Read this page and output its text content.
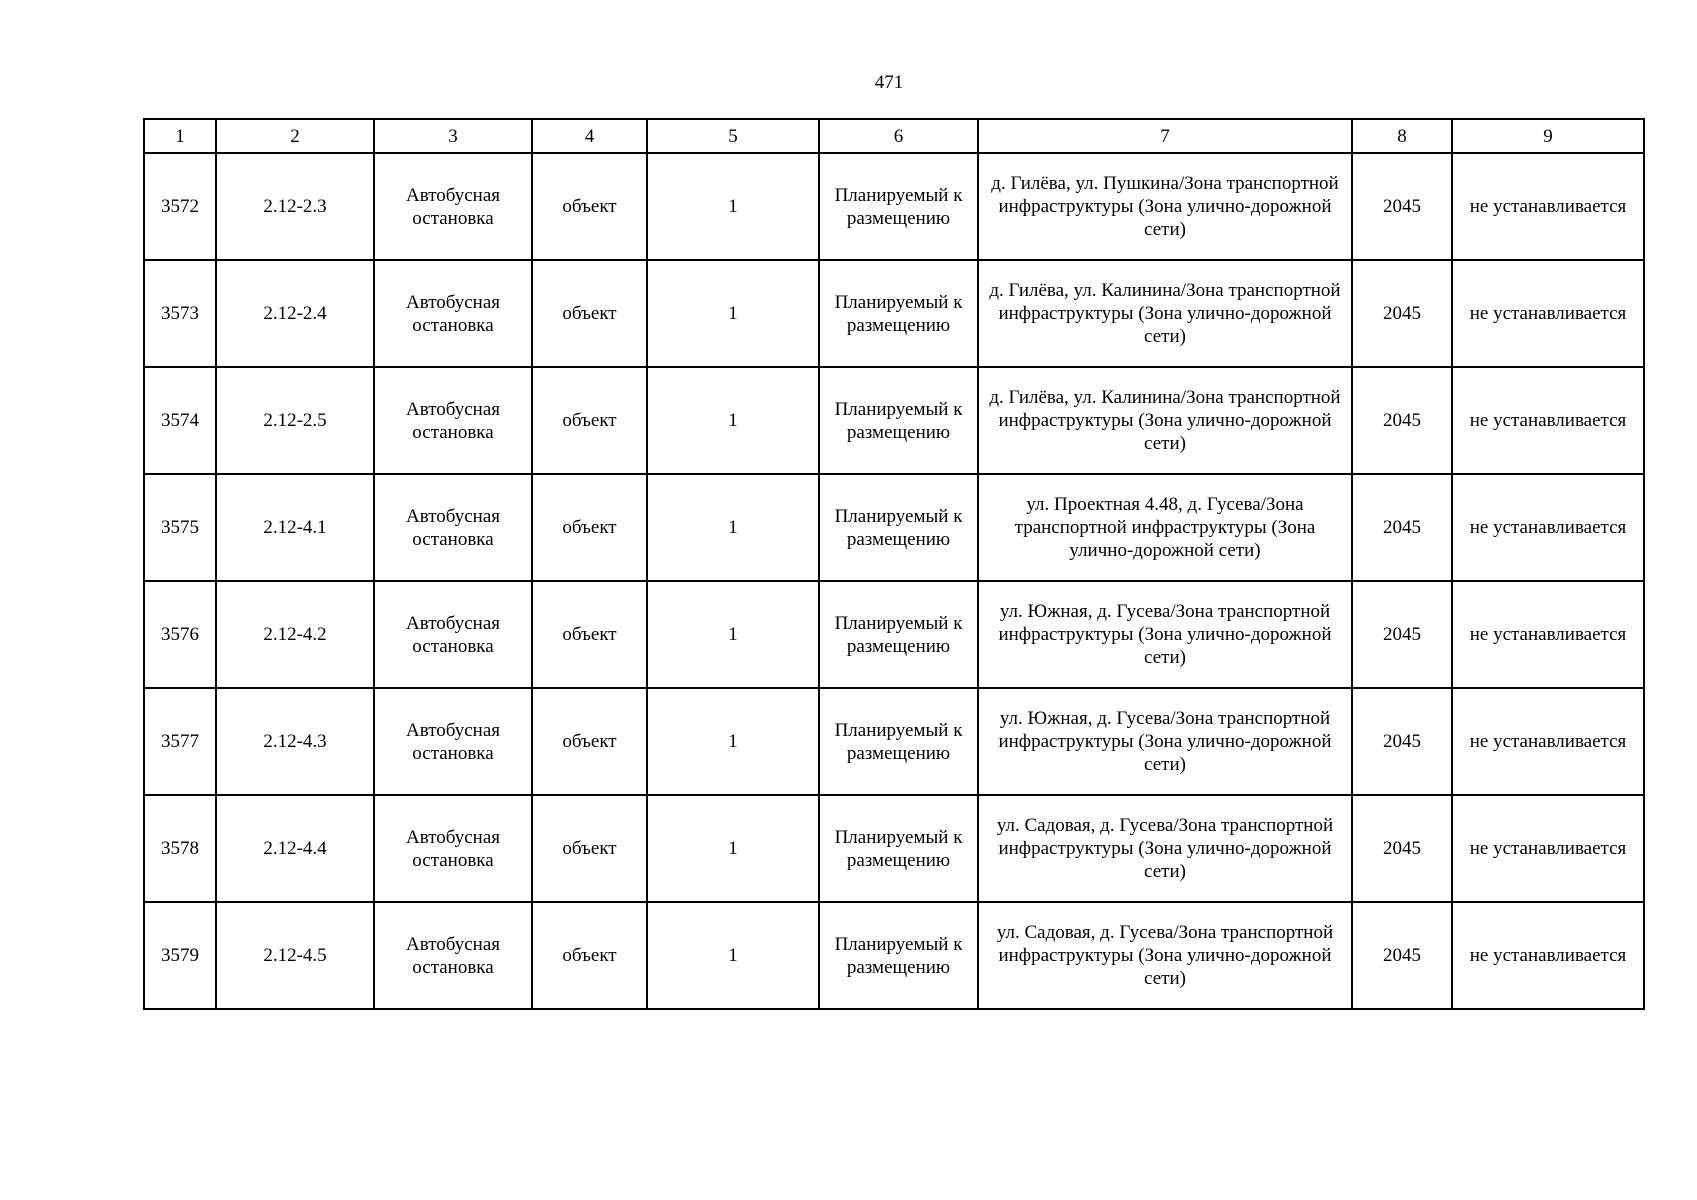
471
1	2	3	4	5	6	7	8	9
3572	2.12-2.3	Автобусная остановка	объект	1	Планируемый к размещению	д. Гилёва, ул. Пушкина/Зона транспортной инфраструктуры (Зона улично-дорожной сети)	2045	не устанавливается
3573	2.12-2.4	Автобусная остановка	объект	1	Планируемый к размещению	д. Гилёва, ул. Калинина/Зона транспортной инфраструктуры (Зона улично-дорожной сети)	2045	не устанавливается
3574	2.12-2.5	Автобусная остановка	объект	1	Планируемый к размещению	д. Гилёва, ул. Калинина/Зона транспортной инфраструктуры (Зона улично-дорожной сети)	2045	не устанавливается
3575	2.12-4.1	Автобусная остановка	объект	1	Планируемый к размещению	ул. Проектная 4.48, д. Гусева/Зона транспортной инфраструктуры (Зона улично-дорожной сети)	2045	не устанавливается
3576	2.12-4.2	Автобусная остановка	объект	1	Планируемый к размещению	ул. Южная, д. Гусева/Зона транспортной инфраструктуры (Зона улично-дорожной сети)	2045	не устанавливается
3577	2.12-4.3	Автобусная остановка	объект	1	Планируемый к размещению	ул. Южная, д. Гусева/Зона транспортной инфраструктуры (Зона улично-дорожной сети)	2045	не устанавливается
3578	2.12-4.4	Автобусная остановка	объект	1	Планируемый к размещению	ул. Садовая, д. Гусева/Зона транспортной инфраструктуры (Зона улично-дорожной сети)	2045	не устанавливается
3579	2.12-4.5	Автобусная остановка	объект	1	Планируемый к размещению	ул. Садовая, д. Гусева/Зона транспортной инфраструктуры (Зона улично-дорожной сети)	2045	не устанавливается
